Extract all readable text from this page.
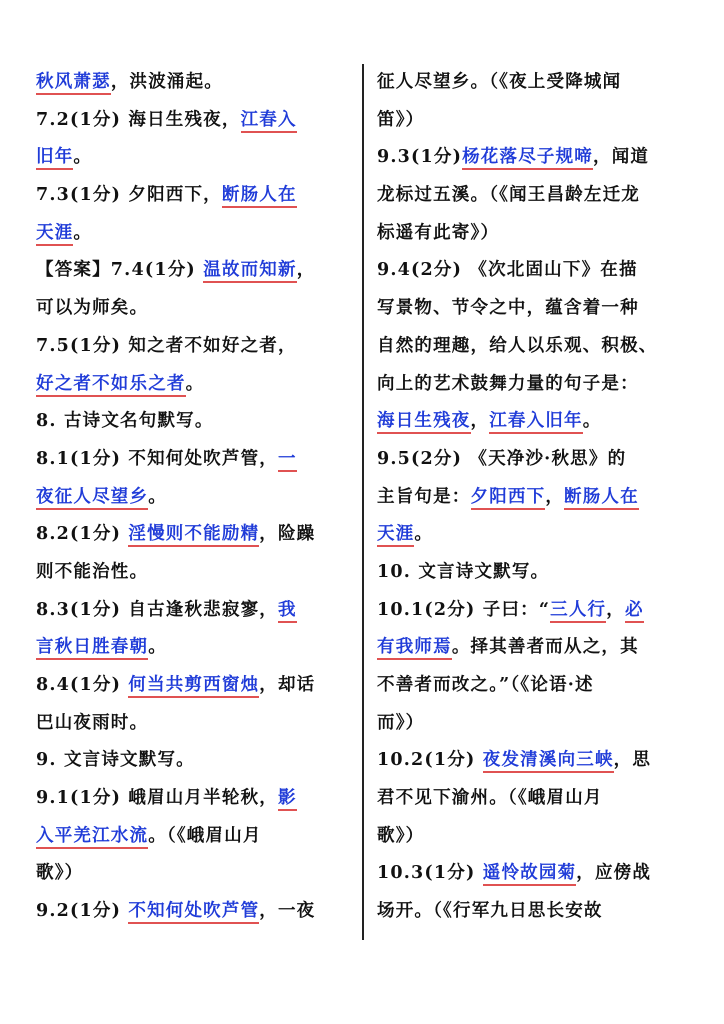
秋风萧瑟，洪波涌起。
7.2(1分) 海日生残夜，江春入
旧年。
7.3(1分) 夕阳西下，断肠人在
天涯。
【答案】7.4(1分) 温故而知新，
可以为师矣。
7.5(1分) 知之者不如好之者，
好之者不如乐之者。
8. 古诗文名句默写。
8.1(1分) 不知何处吹芦管，一
夜征人尽望乡。
8.2(1分) 淫慢则不能励精，险躁
则不能治性。
8.3(1分) 自古逢秋悲寂寥，我
言秋日胜春朝。
8.4(1分) 何当共剪西窗烛，却话
巴山夜雨时。
9. 文言诗文默写。
9.1(1分) 峨眉山月半轮秋，影
入平羌江水流。（《峨眉山月
歌》）
9.2(1分) 不知何处吹芦管，一夜
征人尽望乡。（《夜上受降城闻
笛》）
9.3(1分)杨花落尽子规啼，闻道
龙标过五溪。（《闻王昌龄左迁龙
标遥有此寄》）
9.4(2分) 《次北固山下》在描
写景物、节令之中，蕴含着一种
自然的理趣，给人以乐观、积极、
向上的艺术鼓舞力量的句子是：
海日生残夜，江春入旧年。
9.5(2分) 《天净沙·秋思》的
主旨句是：夕阳西下，断肠人在
天涯。
10. 文言诗文默写。
10.1(2分) 子曰：“三人行，必
有我师焉。择其善者而从之，其
不善者而改之。”（《论语·述
而》）
10.2(1分) 夜发清溪向三峡，思
君不见下渝州。（《峨眉山月
歌》）
10.3(1分) 遥怜故园菊，应傍战
场开。（《行军九日思长安故
